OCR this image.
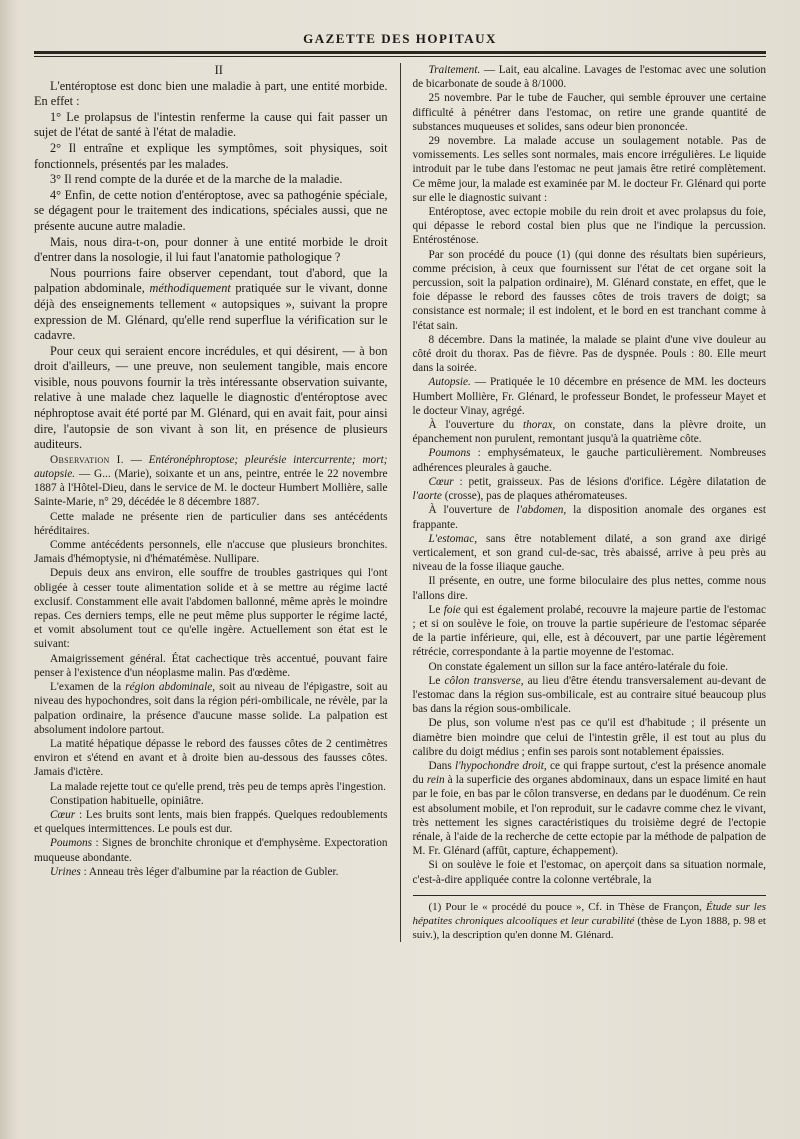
GAZETTE DES HOPITAUX

II

L'entéroptose est donc bien une maladie à part, une entité morbide. En effet :

1° Le prolapsus de l'intestin renferme la cause qui fait passer un sujet de l'état de santé à l'état de maladie.

2° Il entraîne et explique les symptômes, soit physiques, soit fonctionnels, présentés par les malades.

3° Il rend compte de la durée et de la marche de la maladie.

4° Enfin, de cette notion d'entéroptose, avec sa pathogénie spéciale, se dégagent pour le traitement des indications, spéciales aussi, que ne présente aucune autre maladie.

Mais, nous dira-t-on, pour donner à une entité morbide le droit d'entrer dans la nosologie, il lui faut l'anatomie pathologique ?

Nous pourrions faire observer cependant, tout d'abord, que la palpation abdominale, méthodiquement pratiquée sur le vivant, donne déjà des enseignements tellement « autopsiques », suivant la propre expression de M. Glénard, qu'elle rend superflue la vérification sur le cadavre.

Pour ceux qui seraient encore incrédules, et qui désirent, — à bon droit d'ailleurs, — une preuve, non seulement tangible, mais encore visible, nous pouvons fournir la très intéressante observation suivante, relative à une malade chez laquelle le diagnostic d'entéroptose avec néphroptose avait été porté par M. Glénard, qui en avait fait, pour ainsi dire, l'autopsie de son vivant à son lit, en présence de plusieurs auditeurs.

Observation I. — Entéronéphroptose; pleurésie intercurrente; mort; autopsie. — G... (Marie), soixante et un ans, peintre, entrée le 22 novembre 1887 à l'Hôtel-Dieu, dans le service de M. le docteur Humbert Mollière, salle Sainte-Marie, n° 29, décédée le 8 décembre 1887.

Cette malade ne présente rien de particulier dans ses antécédents héréditaires.

Comme antécédents personnels, elle n'accuse que plusieurs bronchites. Jamais d'hémoptysie, ni d'hématémèse. Nullipare.

Depuis deux ans environ, elle souffre de troubles gastriques qui l'ont obligée à cesser toute alimentation solide et à se mettre au régime lacté exclusif. Constamment elle avait l'abdomen ballonné, même après le moindre repas. Ces derniers temps, elle ne peut même plus supporter le régime lacté, et vomit absolument tout ce qu'elle ingère. Actuellement son état est le suivant:

Amaigrissement général. État cachectique très accentué, pouvant faire penser à l'existence d'un néoplasme malin. Pas d'œdème.

L'examen de la région abdominale, soit au niveau de l'épigastre, soit au niveau des hypochondres, soit dans la région péri-ombilicale, ne révèle, par la palpation ordinaire, la présence d'aucune masse solide. La palpation est absolument indolore partout.

La matité hépatique dépasse le rebord des fausses côtes de 2 centimètres environ et s'étend en avant et à droite bien au-dessous des fausses côtes. Jamais d'ictère.

La malade rejette tout ce qu'elle prend, très peu de temps après l'ingestion.

Constipation habituelle, opiniâtre.

Cœur : Les bruits sont lents, mais bien frappés. Quelques redoublements et quelques intermittences. Le pouls est dur.

Poumons : Signes de bronchite chronique et d'emphysème. Expectoration muqueuse abondante.

Urines : Anneau très léger d'albumine par la réaction de Gubler.

Traitement. — Lait, eau alcaline. Lavages de l'estomac avec une solution de bicarbonate de soude à 8/1000.

25 novembre. Par le tube de Faucher, qui semble éprouver une certaine difficulté à pénétrer dans l'estomac, on retire une grande quantité de substances muqueuses et solides, sans odeur bien prononcée.

29 novembre. La malade accuse un soulagement notable. Pas de vomissements. Les selles sont normales, mais encore irrégulières. Le liquide introduit par le tube dans l'estomac ne peut jamais être retiré complètement. Ce même jour, la malade est examinée par M. le docteur Fr. Glénard qui porte sur elle le diagnostic suivant :

Entéroptose, avec ectopie mobile du rein droit et avec prolapsus du foie, qui dépasse le rebord costal bien plus que ne l'indique la percussion. Entérosténose.

Par son procédé du pouce (1) (qui donne des résultats bien supérieurs, comme précision, à ceux que fournissent sur l'état de cet organe soit la percussion, soit la palpation ordinaire), M. Glénard constate, en effet, que le foie dépasse le rebord des fausses côtes de trois travers de doigt; sa consistance est normale; il est indolent, et le bord en est tranchant comme à l'état sain.

8 décembre. Dans la matinée, la malade se plaint d'une vive douleur au côté droit du thorax. Pas de fièvre. Pas de dyspnée. Pouls : 80. Elle meurt dans la soirée.

Autopsie. — Pratiquée le 10 décembre en présence de MM. les docteurs Humbert Mollière, Fr. Glénard, le professeur Bondet, le professeur Mayet et le docteur Vinay, agrégé.

À l'ouverture du thorax, on constate, dans la plèvre droite, un épanchement non purulent, remontant jusqu'à la quatrième côte.

Poumons : emphysémateux, le gauche particulièrement. Nombreuses adhérences pleurales à gauche.

Cœur : petit, graisseux. Pas de lésions d'orifice. Légère dilatation de l'aorte (crosse), pas de plaques athéromateuses.

À l'ouverture de l'abdomen, la disposition anomale des organes est frappante.

L'estomac, sans être notablement dilaté, a son grand axe dirigé verticalement, et son grand cul-de-sac, très abaissé, arrive à peu près au niveau de la fosse iliaque gauche.

Il présente, en outre, une forme biloculaire des plus nettes, comme nous l'allons dire.

Le foie qui est également prolabé, recouvre la majeure partie de l'estomac ; et si on soulève le foie, on trouve la partie supérieure de l'estomac séparée de la partie inférieure, qui, elle, est à découvert, par une partie légèrement rétrécie, correspondante à la partie moyenne de l'estomac.

On constate également un sillon sur la face antéro-latérale du foie.

Le côlon transverse, au lieu d'être étendu transversalement au-devant de l'estomac dans la région sus-ombilicale, est au contraire situé beaucoup plus bas dans la région sous-ombilicale.

De plus, son volume n'est pas ce qu'il est d'habitude ; il présente un diamètre bien moindre que celui de l'intestin grêle, il est tout au plus du calibre du doigt médius ; enfin ses parois sont notablement épaissies.

Dans l'hypochondre droit, ce qui frappe surtout, c'est la présence anomale du rein à la superficie des organes abdominaux, dans un espace limité en haut par le foie, en bas par le côlon transverse, en dedans par le duodénum. Ce rein est absolument mobile, et l'on reproduit, sur le cadavre comme chez le vivant, très nettement les signes caractéristiques du troisième degré de l'ectopie rénale, à l'aide de la recherche de cette ectopie par la méthode de palpation de M. Fr. Glénard (affût, capture, échappement).

Si on soulève le foie et l'estomac, on aperçoit dans sa situation normale, c'est-à-dire appliquée contre la colonne vertébrale, la

(1) Pour le « procédé du pouce », Cf. in Thèse de Françon, Étude sur les hépatites chroniques alcooliques et leur curabilité (thèse de Lyon 1888, p. 98 et suiv.), la description qu'en donne M. Glénard.
